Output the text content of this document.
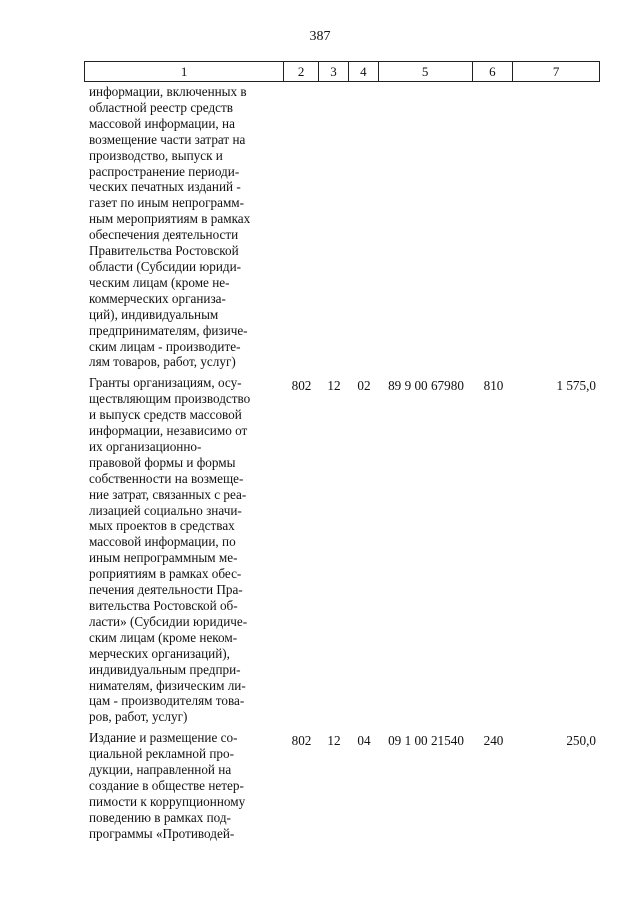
387
1	2	3	4	5	6	7
информации, включенных в
областной реестр средств
массовой информации, на
возмещение части затрат на
производство, выпуск и
распространение периоди-
ческих печатных изданий -
газет по иным непрограмм-
ным мероприятиям в рамках
обеспечения деятельности
Правительства Ростовской
области (Субсидии юриди-
ческим лицам (кроме не-
коммерческих организа-
ций), индивидуальным
предпринимателям, физиче-
ским лицам - производите-
лям товаров, работ, услуг)
Гранты организациям, осу-
ществляющим производство
и выпуск средств массовой
информации, независимо от
их организационно-
правовой формы и формы
собственности на возмеще-
ние затрат, связанных с реа-
лизацией социально значи-
мых проектов в средствах
массовой информации, по
иным непрограммным ме-
роприятиям в рамках обес-
печения деятельности Пра-
вительства Ростовской об-
ласти» (Субсидии юридиче-
ским лицам (кроме неком-
мерческих организаций),
индивидуальным предпри-
нимателям, физическим ли-
цам - производителям това-
ров, работ, услуг)
802	12	02	89 9 00 67980	810	1 575,0
Издание и размещение со-
циальной рекламной про-
дукции, направленной на
создание в обществе нетер-
пимости к коррупционному
поведению в рамках под-
программы «Противодей-
802	12	04	09 1 00 21540	240	250,0
